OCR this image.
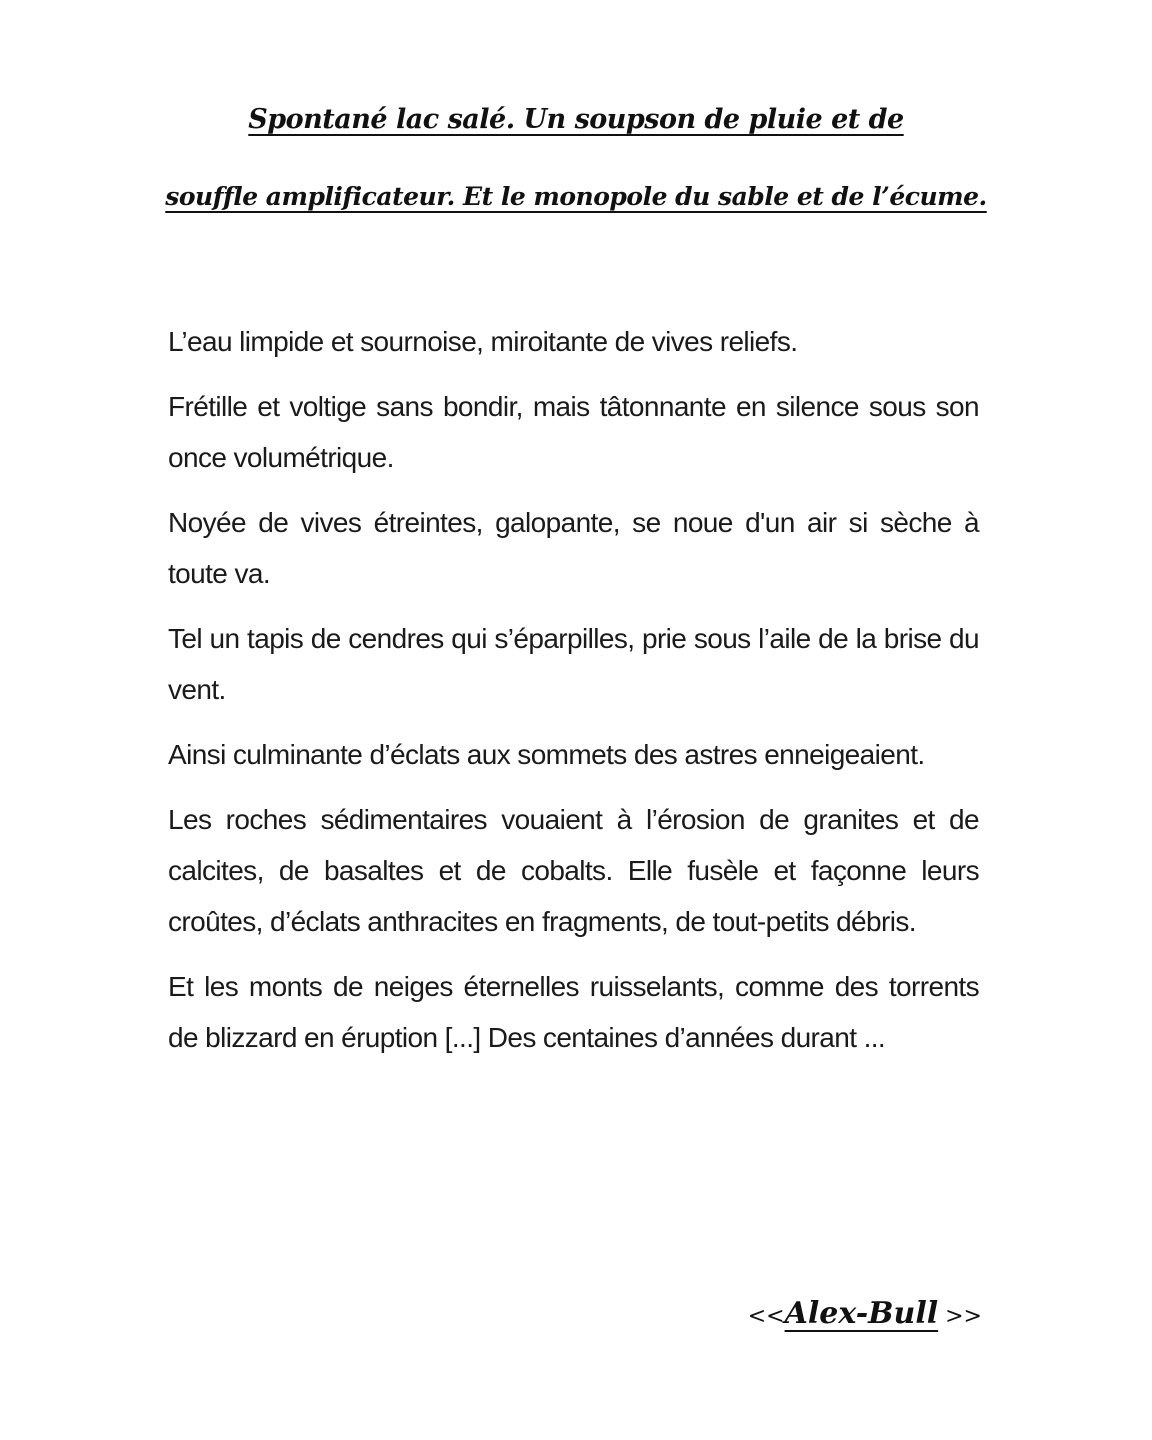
Spontané lac salé. Un soupson de pluie et de
souffle amplificateur. Et le monopole du sable et de l’écume.

L’eau limpide et sournoise, miroitante de vives reliefs.

Frétille et voltige sans bondir, mais tâtonnante en silence sous son once volumétrique.

Noyée de vives étreintes, galopante, se noue d'un air si sèche à toute va.

Tel un tapis de cendres qui s’éparpilles, prie sous l’aile de la brise du vent.

Ainsi culminante d’éclats aux sommets des astres enneigeaient.

Les roches sédimentaires vouaient à l’érosion de granites et de calcites, de basaltes et de cobalts. Elle fusèle et façonne leurs croûtes, d’éclats anthracites en fragments, de tout-petits débris.

Et les monts de neiges éternelles ruisselants, comme des torrents de blizzard en éruption [...] Des centaines d’années durant ...

<<Alex-Bull >>
